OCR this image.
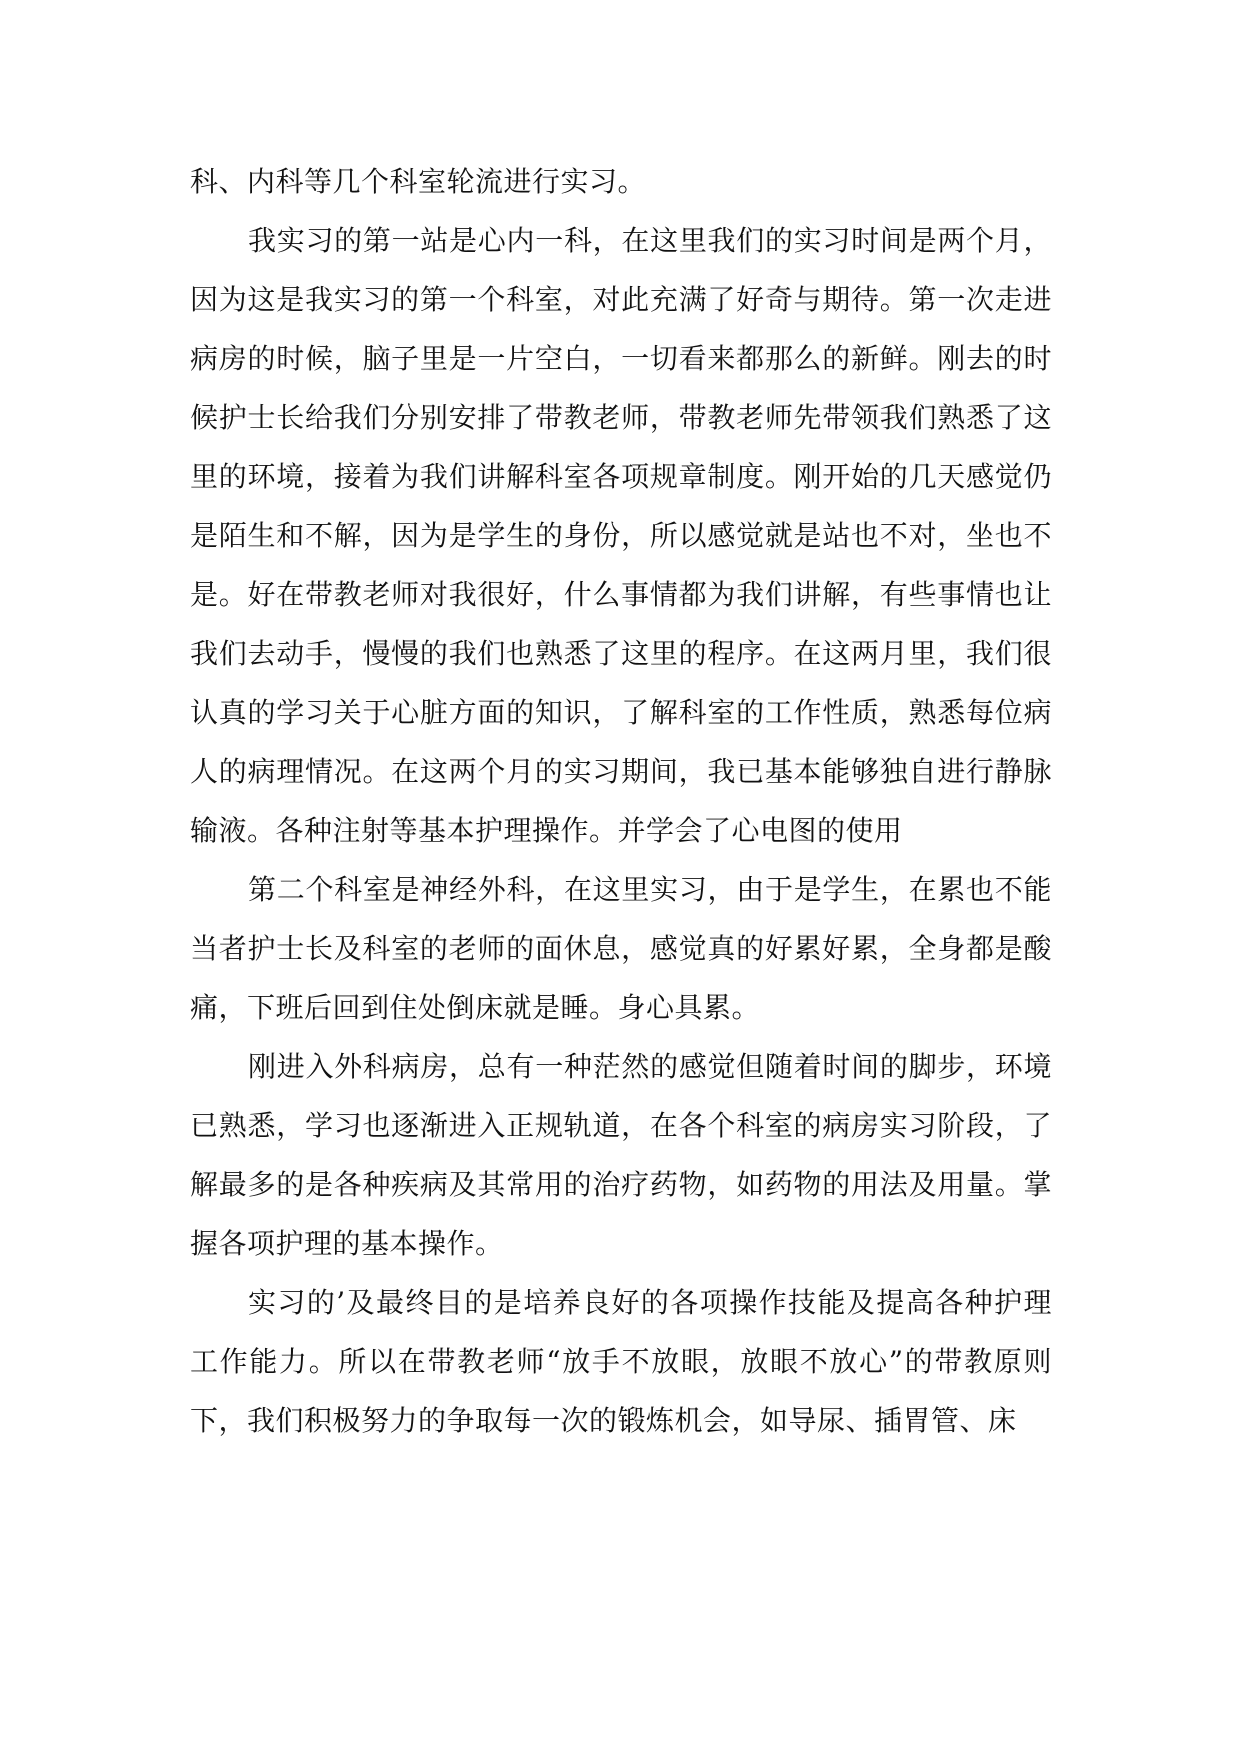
科、内科等几个科室轮流进行实习。

我实习的第一站是心内一科，在这里我们的实习时间是两个月，因为这是我实习的第一个科室，对此充满了好奇与期待。第一次走进病房的时候，脑子里是一片空白，一切看来都那么的新鲜。刚去的时候护士长给我们分别安排了带教老师，带教老师先带领我们熟悉了这里的环境，接着为我们讲解科室各项规章制度。刚开始的几天感觉仍是陌生和不解，因为是学生的身份，所以感觉就是站也不对，坐也不是。好在带教老师对我很好，什么事情都为我们讲解，有些事情也让我们去动手，慢慢的我们也熟悉了这里的程序。在这两月里，我们很认真的学习关于心脏方面的知识，了解科室的工作性质，熟悉每位病人的病理情况。在这两个月的实习期间，我已基本能够独自进行静脉输液。各种注射等基本护理操作。并学会了心电图的使用

第二个科室是神经外科，在这里实习，由于是学生，在累也不能当者护士长及科室的老师的面休息，感觉真的好累好累，全身都是酸痛，下班后回到住处倒床就是睡。身心具累。

刚进入外科病房，总有一种茫然的感觉但随着时间的脚步，环境已熟悉，学习也逐渐进入正规轨道，在各个科室的病房实习阶段，了解最多的是各种疾病及其常用的治疗药物，如药物的用法及用量。掌握各项护理的基本操作。

实习的’及最终目的是培养良好的各项操作技能及提高各种护理工作能力。所以在带教老师“放手不放眼，放眼不放心”的带教原则下，我们积极努力的争取每一次的锻炼机会，如导尿、插胃管、床
